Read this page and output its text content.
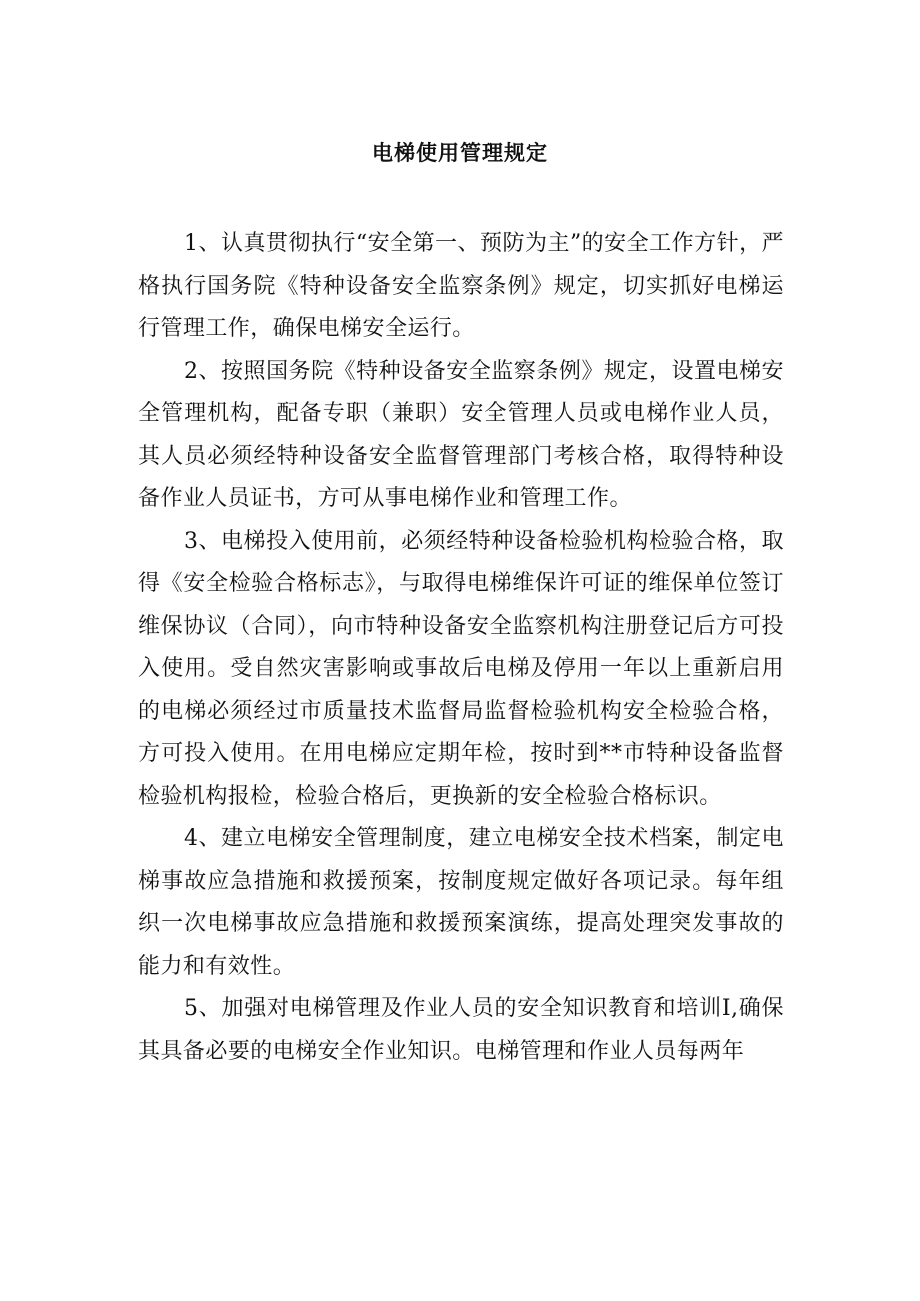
电梯使用管理规定

1、认真贯彻执行“安全第一、预防为主”的安全工作方针，严格执行国务院《特种设备安全监察条例》规定，切实抓好电梯运行管理工作，确保电梯安全运行。

2、按照国务院《特种设备安全监察条例》规定，设置电梯安全管理机构，配备专职（兼职）安全管理人员或电梯作业人员，其人员必须经特种设备安全监督管理部门考核合格，取得特种设备作业人员证书，方可从事电梯作业和管理工作。

3、电梯投入使用前，必须经特种设备检验机构检验合格，取得《安全检验合格标志》，与取得电梯维保许可证的维保单位签订维保协议（合同），向市特种设备安全监察机构注册登记后方可投入使用。受自然灾害影响或事故后电梯及停用一年以上重新启用的电梯必须经过市质量技术监督局监督检验机构安全检验合格，方可投入使用。在用电梯应定期年检，按时到**市特种设备监督检验机构报检，检验合格后，更换新的安全检验合格标识。

4、建立电梯安全管理制度，建立电梯安全技术档案，制定电梯事故应急措施和救援预案，按制度规定做好各项记录。每年组织一次电梯事故应急措施和救援预案演练，提高处理突发事故的能力和有效性。

5、加强对电梯管理及作业人员的安全知识教育和培训I,确保其具备必要的电梯安全作业知识。电梯管理和作业人员每两年
